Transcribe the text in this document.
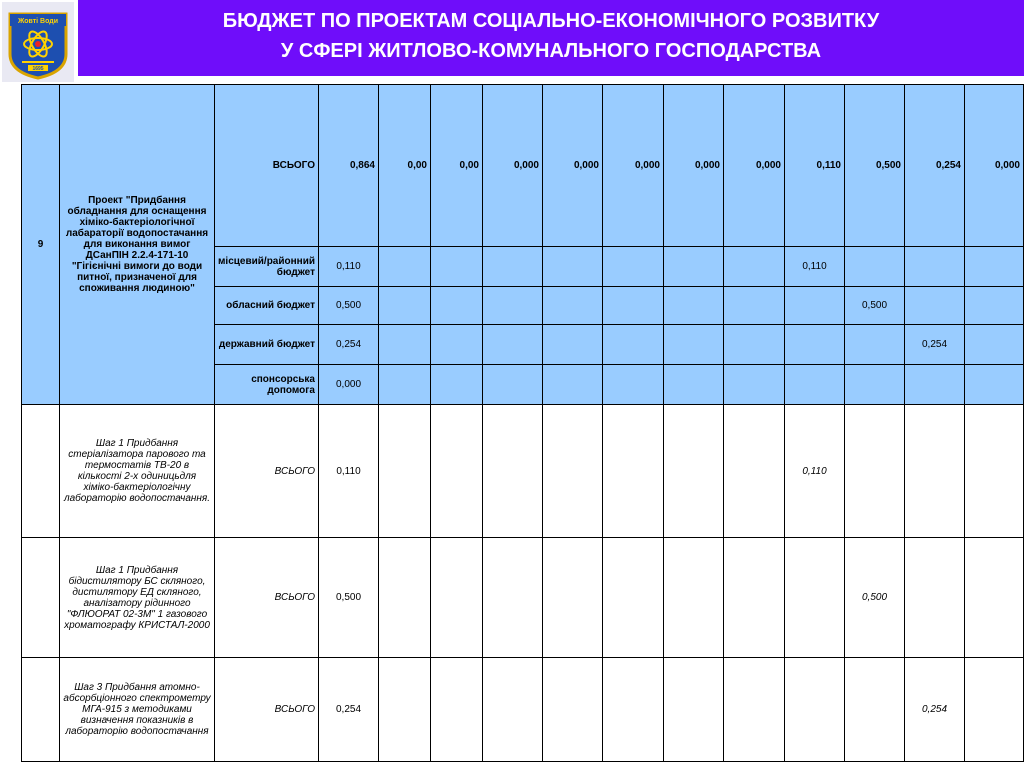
Жовті Води
1695
БЮДЖЕТ ПО ПРОЕКТАМ СОЦІАЛЬНО-ЕКОНОМІЧНОГО РОЗВИТКУ
У СФЕРІ ЖИТЛОВО-КОМУНАЛЬНОГО ГОСПОДАРСТВА
9	Проект "Придбання обладнання для оснащення хіміко-бактеріологічної лабараторії водопостачання для виконання вимог ДСанПІН 2.2.4-171-10 "Гігієнічні вимоги до води питної, призначеної для споживання людиною"	ВСЬОГО	0,864	0,00	0,00	0,000	0,000	0,000	0,000	0,000	0,110	0,500	0,254	0,000
		місцевий/районний бюджет	0,110								0,110			
		обласний бюджет	0,500									0,500		
		державний бюджет	0,254										0,254	
		спонсорська допомога	0,000											
	Шаг 1 Придбання стеріалізатора парового та термостатів ТВ-20 в кількості 2-х одиницьдля хіміко-бактеріологічну лабораторію водопостачання.	ВСЬОГО	0,110								0,110			
	Шаг 1 Придбання бідистилятору БС скляного, дистилятору ЕД скляного, аналізатору рідинного "ФЛЮОРАТ 02-3М" 1 газового хроматографу КРИСТАЛ-2000	ВСЬОГО	0,500									0,500		
	Шаг 3 Придбання атомно-абсорбціонного спектрометру МГА-915 з методиками визначення показників в лабораторію водопостачання	ВСЬОГО	0,254										0,254	
